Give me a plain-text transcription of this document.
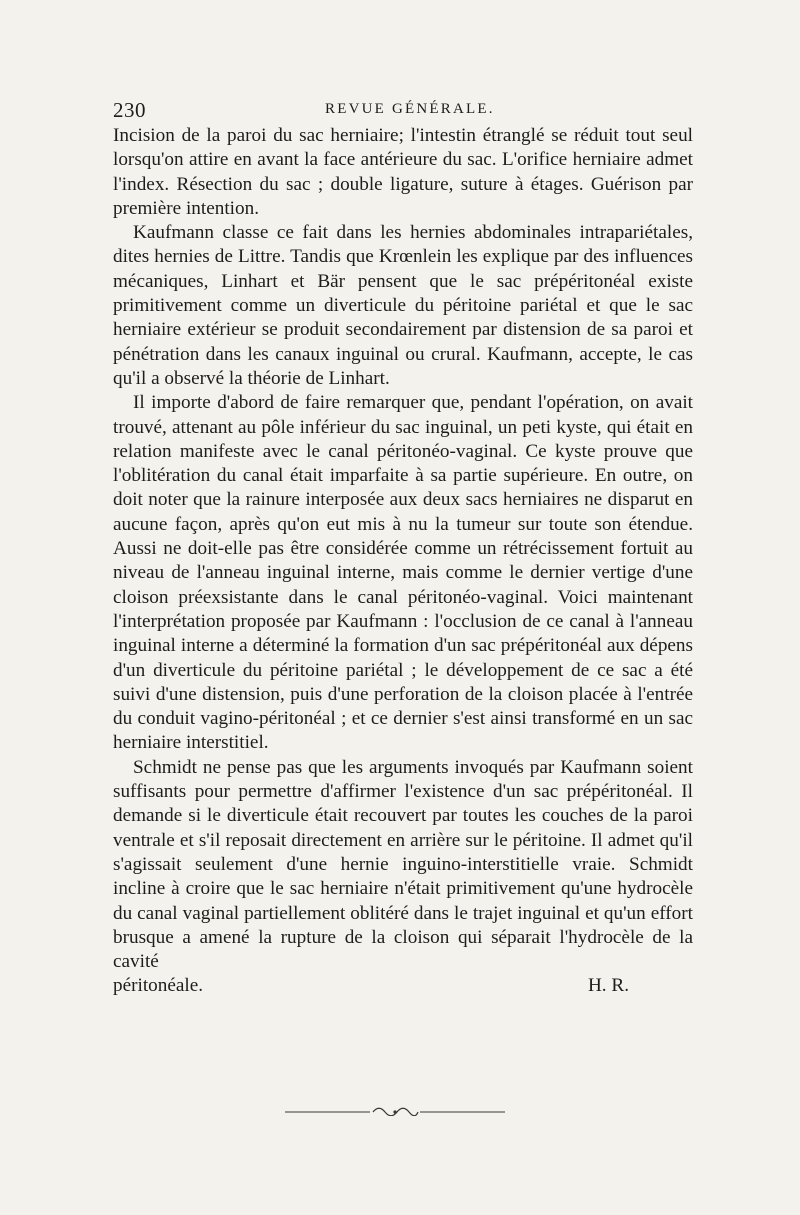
230	REVUE GÉNÉRALE.

Incision de la paroi du sac herniaire; l'intestin étranglé se réduit tout seul lorsqu'on attire en avant la face antérieure du sac. L'orifice herniaire admet l'index. Résection du sac ; double ligature, suture à étages. Guérison par première intention.

Kaufmann classe ce fait dans les hernies abdominales intrapariétales, dites hernies de Littre. Tandis que Krœnlein les explique par des influences mécaniques, Linhart et Bär pensent que le sac prépéritonéal existe primitivement comme un diverticule du péritoine pariétal et que le sac herniaire extérieur se produit secondairement par distension de sa paroi et pénétration dans les canaux inguinal ou crural. Kaufmann, accepte, le cas qu'il a observé la théorie de Linhart.

Il importe d'abord de faire remarquer que, pendant l'opération, on avait trouvé, attenant au pôle inférieur du sac inguinal, un peti kyste, qui était en relation manifeste avec le canal péritonéo-vaginal. Ce kyste prouve que l'oblitération du canal était imparfaite à sa partie supérieure. En outre, on doit noter que la rainure interposée aux deux sacs herniaires ne disparut en aucune façon, après qu'on eut mis à nu la tumeur sur toute son étendue. Aussi ne doit-elle pas être considérée comme un rétrécissement fortuit au niveau de l'anneau inguinal interne, mais comme le dernier vertige d'une cloison préexsistante dans le canal péritonéo-vaginal. Voici maintenant l'interprétation proposée par Kaufmann : l'occlusion de ce canal à l'anneau inguinal interne a déterminé la formation d'un sac prépéritonéal aux dépens d'un diverticule du péritoine pariétal ; le développement de ce sac a été suivi d'une distension, puis d'une perforation de la cloison placée à l'entrée du conduit vagino-péritonéal ; et ce dernier s'est ainsi transformé en un sac herniaire interstitiel.

Schmidt ne pense pas que les arguments invoqués par Kaufmann soient suffisants pour permettre d'affirmer l'existence d'un sac prépéritonéal. Il demande si le diverticule était recouvert par toutes les couches de la paroi ventrale et s'il reposait directement en arrière sur le péritoine. Il admet qu'il s'agissait seulement d'une hernie inguino-interstitielle vraie. Schmidt incline à croire que le sac herniaire n'était primitivement qu'une hydrocèle du canal vaginal partiellement oblitéré dans le trajet inguinal et qu'un effort brusque a amené la rupture de la cloison qui séparait l'hydrocèle de la cavité

péritonéale.	H. R.
